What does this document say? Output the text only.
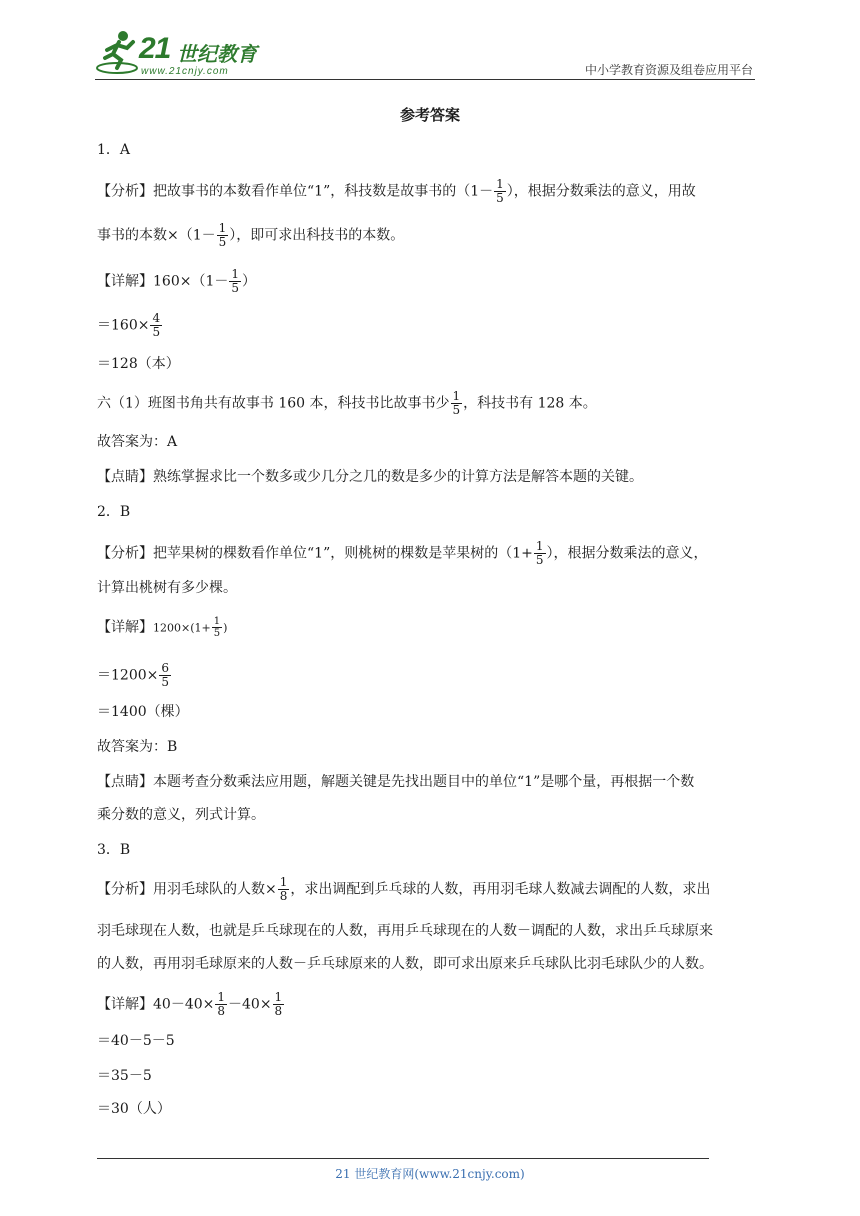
21 世纪教育
www.21cnjy.com	中小学教育资源及组卷应用平台
参考答案
1．A
【分析】把故事书的本数看作单位“1”，科技数是故事书的（$1- \frac{1}{5}$ ），根据分数乘法的意义，用故
事书的本数$\times(1- \frac{1}{5}$ ），即可求出科技书的本数。
【详解】$160\times(1- \frac{1}{5}$ ）
$=160\times \frac{4}{5}$
＝128（本）
六（1）班图书角共有故事书 160 本，科技书比故事书少 $\frac{1}{5}$ ，科技书有 128 本。
故答案为：A
【点睛】熟练掌握求比一个数多或少几分之几的数是多少的计算方法是解答本题的关键。
2．B
【分析】把苹果树的棵数看作单位“1”，则桃树的棵数是苹果树的（$1+ \frac{1}{5}$ ），根据分数乘法的意义，
计算出桃树有多少棵。
【详解】$1200\times(1+ \frac{1}{5}$ )
$=1200\times \frac{6}{5}$
＝1400（棵）
故答案为：B
【点睛】本题考查分数乘法应用题，解题关键是先找出题目中的单位“1”是哪个量，再根据一个数
乘分数的意义，列式计算。
3．B
【分析】用羽毛球队的人数× $\frac{1}{8}$ ，求出调配到乒乓球的人数，再用羽毛球人数减去调配的人数，求出
羽毛球现在人数，也就是乒乓球现在的人数，再用乒乓球现在的人数－调配的人数，求出乒乓球原来
的人数，再用羽毛球原来的人数－乒乓球原来的人数，即可求出原来乒乓球队比羽毛球队少的人数。
【详解】$40-40\times \frac{1}{8} -40\times \frac{1}{8}$
＝40－5－5
＝35－5
＝30（人）
21 世纪教育网(www.21cnjy.com)
